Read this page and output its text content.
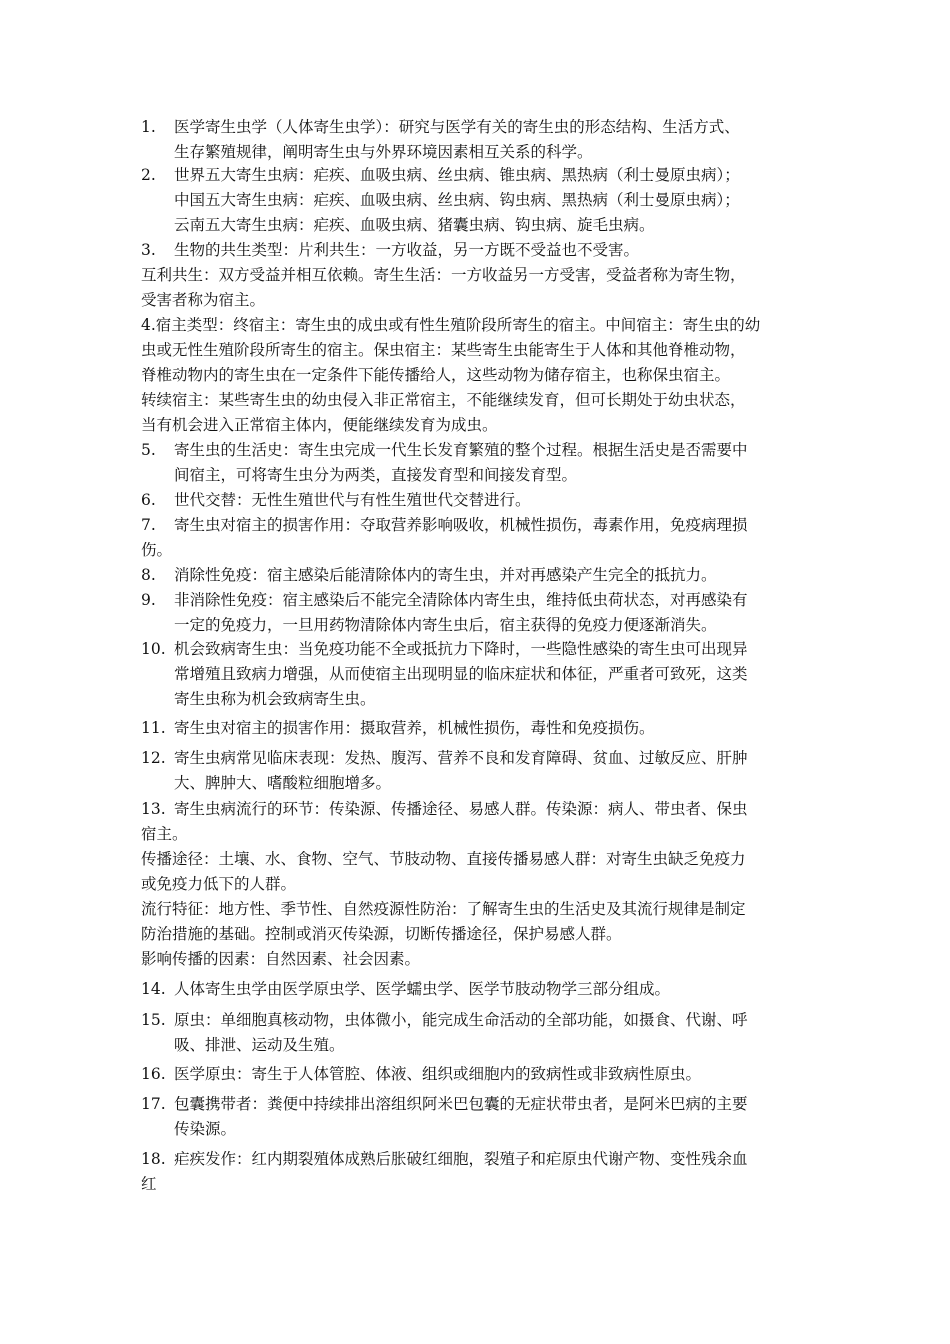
1. 医学寄生虫学（人体寄生虫学）：研究与医学有关的寄生虫的形态结构、生活方式、
生存繁殖规律，阐明寄生虫与外界环境因素相互关系的科学。
2. 世界五大寄生虫病：疟疾、血吸虫病、丝虫病、锥虫病、黑热病（利士曼原虫病）；
中国五大寄生虫病：疟疾、血吸虫病、丝虫病、钩虫病、黑热病（利士曼原虫病）；
云南五大寄生虫病：疟疾、血吸虫病、猪囊虫病、钩虫病、旋毛虫病。
3. 生物的共生类型：片利共生：一方收益，另一方既不受益也不受害。
互利共生：双方受益并相互依赖。寄生生活：一方收益另一方受害，受益者称为寄生物，
受害者称为宿主。
4.宿主类型：终宿主：寄生虫的成虫或有性生殖阶段所寄生的宿主。中间宿主：寄生虫的幼
虫或无性生殖阶段所寄生的宿主。保虫宿主：某些寄生虫能寄生于人体和其他脊椎动物，
脊椎动物内的寄生虫在一定条件下能传播给人，这些动物为储存宿主，也称保虫宿主。
转续宿主：某些寄生虫的幼虫侵入非正常宿主，不能继续发育，但可长期处于幼虫状态，
当有机会进入正常宿主体内，便能继续发育为成虫。
5. 寄生虫的生活史：寄生虫完成一代生长发育繁殖的整个过程。根据生活史是否需要中
间宿主，可将寄生虫分为两类，直接发育型和间接发育型。
6. 世代交替：无性生殖世代与有性生殖世代交替进行。
7. 寄生虫对宿主的损害作用：夺取营养影响吸收，机械性损伤，毒素作用，免疫病理损
伤。
8. 消除性免疫：宿主感染后能清除体内的寄生虫，并对再感染产生完全的抵抗力。
9. 非消除性免疫：宿主感染后不能完全清除体内寄生虫，维持低虫荷状态，对再感染有
一定的免疫力，一旦用药物清除体内寄生虫后，宿主获得的免疫力便逐渐消失。
10. 机会致病寄生虫：当免疫功能不全或抵抗力下降时，一些隐性感染的寄生虫可出现异
常增殖且致病力增强，从而使宿主出现明显的临床症状和体征，严重者可致死，这类
寄生虫称为机会致病寄生虫。
11. 寄生虫对宿主的损害作用：摄取营养，机械性损伤，毒性和免疫损伤。
12. 寄生虫病常见临床表现：发热、腹泻、营养不良和发育障碍、贫血、过敏反应、肝肿
大、脾肿大、嗜酸粒细胞增多。
13. 寄生虫病流行的环节：传染源、传播途径、易感人群。传染源：病人、带虫者、保虫
宿主。
传播途径：土壤、水、食物、空气、节肢动物、直接传播易感人群：对寄生虫缺乏免疫力
或免疫力低下的人群。
流行特征：地方性、季节性、自然疫源性防治：了解寄生虫的生活史及其流行规律是制定
防治措施的基础。控制或消灭传染源，切断传播途径，保护易感人群。
影响传播的因素：自然因素、社会因素。
14. 人体寄生虫学由医学原虫学、医学蠕虫学、医学节肢动物学三部分组成。
15. 原虫：单细胞真核动物，虫体微小，能完成生命活动的全部功能，如摄食、代谢、呼
吸、排泄、运动及生殖。
16. 医学原虫：寄生于人体管腔、体液、组织或细胞内的致病性或非致病性原虫。
17. 包囊携带者：粪便中持续排出溶组织阿米巴包囊的无症状带虫者，是阿米巴病的主要
传染源。
18. 疟疾发作：红内期裂殖体成熟后胀破红细胞，裂殖子和疟原虫代谢产物、变性残余血
红
